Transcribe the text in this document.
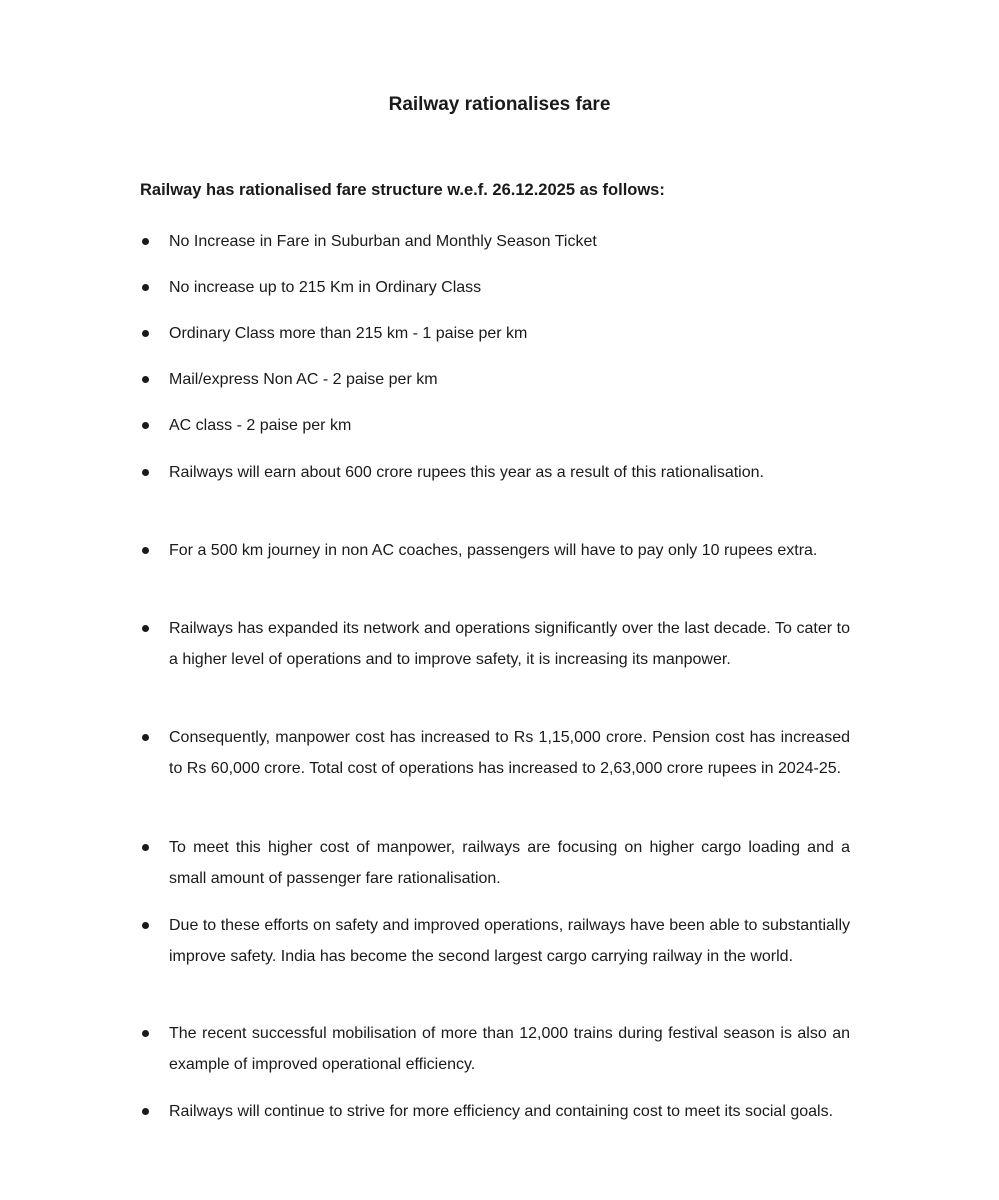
Railway rationalises fare
Railway has rationalised fare structure w.e.f. 26.12.2025 as follows:
No Increase in Fare in Suburban and Monthly Season Ticket
No increase up to 215 Km in Ordinary Class
Ordinary Class more than 215 km - 1 paise per km
Mail/express Non AC - 2 paise per km
AC class - 2 paise per km
Railways will earn about 600 crore rupees this year as a result of this rationalisation.
For a 500 km journey in non AC coaches, passengers will have to pay only 10 rupees extra.
Railways has expanded its network and operations significantly over the last decade. To cater to a higher level of operations and to improve safety, it is increasing its manpower.
Consequently, manpower cost has increased to Rs 1,15,000 crore. Pension cost has increased to Rs 60,000 crore. Total cost of operations has increased to 2,63,000 crore rupees in 2024-25.
To meet this higher cost of manpower, railways are focusing on higher cargo loading and a small amount of passenger fare rationalisation.
Due to these efforts on safety and improved operations, railways have been able to substantially improve safety. India has become the second largest cargo carrying railway in the world.
The recent successful mobilisation of more than 12,000 trains during festival season is also an example of improved operational efficiency.
Railways will continue to strive for more efficiency and containing cost to meet its social goals.
